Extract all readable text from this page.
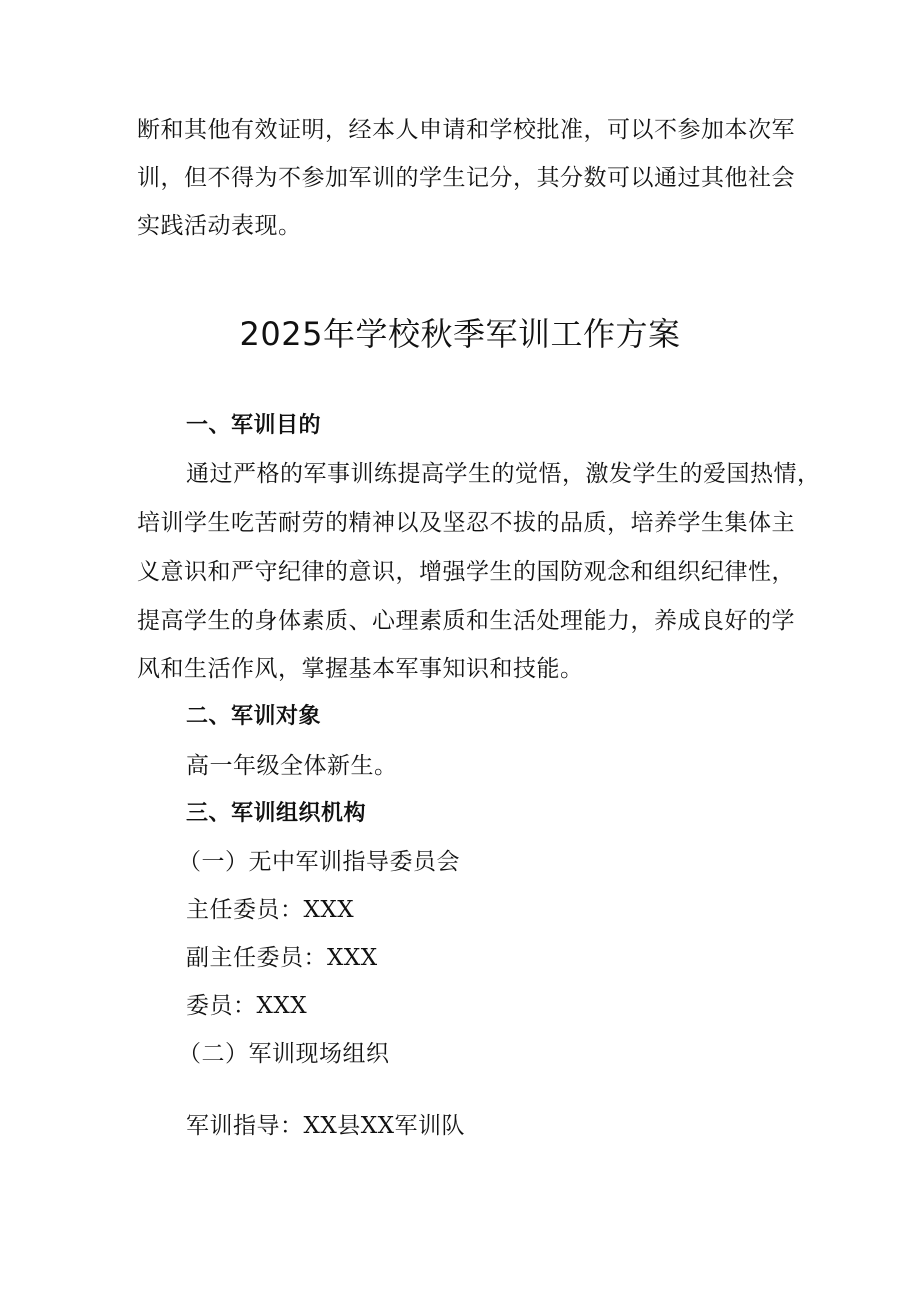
断和其他有效证明，经本人申请和学校批准，可以不参加本次军
训，但不得为不参加军训的学生记分，其分数可以通过其他社会
实践活动表现。
2025年学校秋季军训工作方案
一、军训目的
通过严格的军事训练提高学生的觉悟，激发学生的爱国热情，
培训学生吃苦耐劳的精神以及坚忍不拔的品质，培养学生集体主
义意识和严守纪律的意识，增强学生的国防观念和组织纪律性，
提高学生的身体素质、心理素质和生活处理能力，养成良好的学
风和生活作风，掌握基本军事知识和技能。
二、军训对象
高一年级全体新生。
三、军训组织机构
（一）无中军训指导委员会
主任委员：XXX
副主任委员：XXX
委员：XXX
（二）军训现场组织
军训指导：XX县XX军训队
